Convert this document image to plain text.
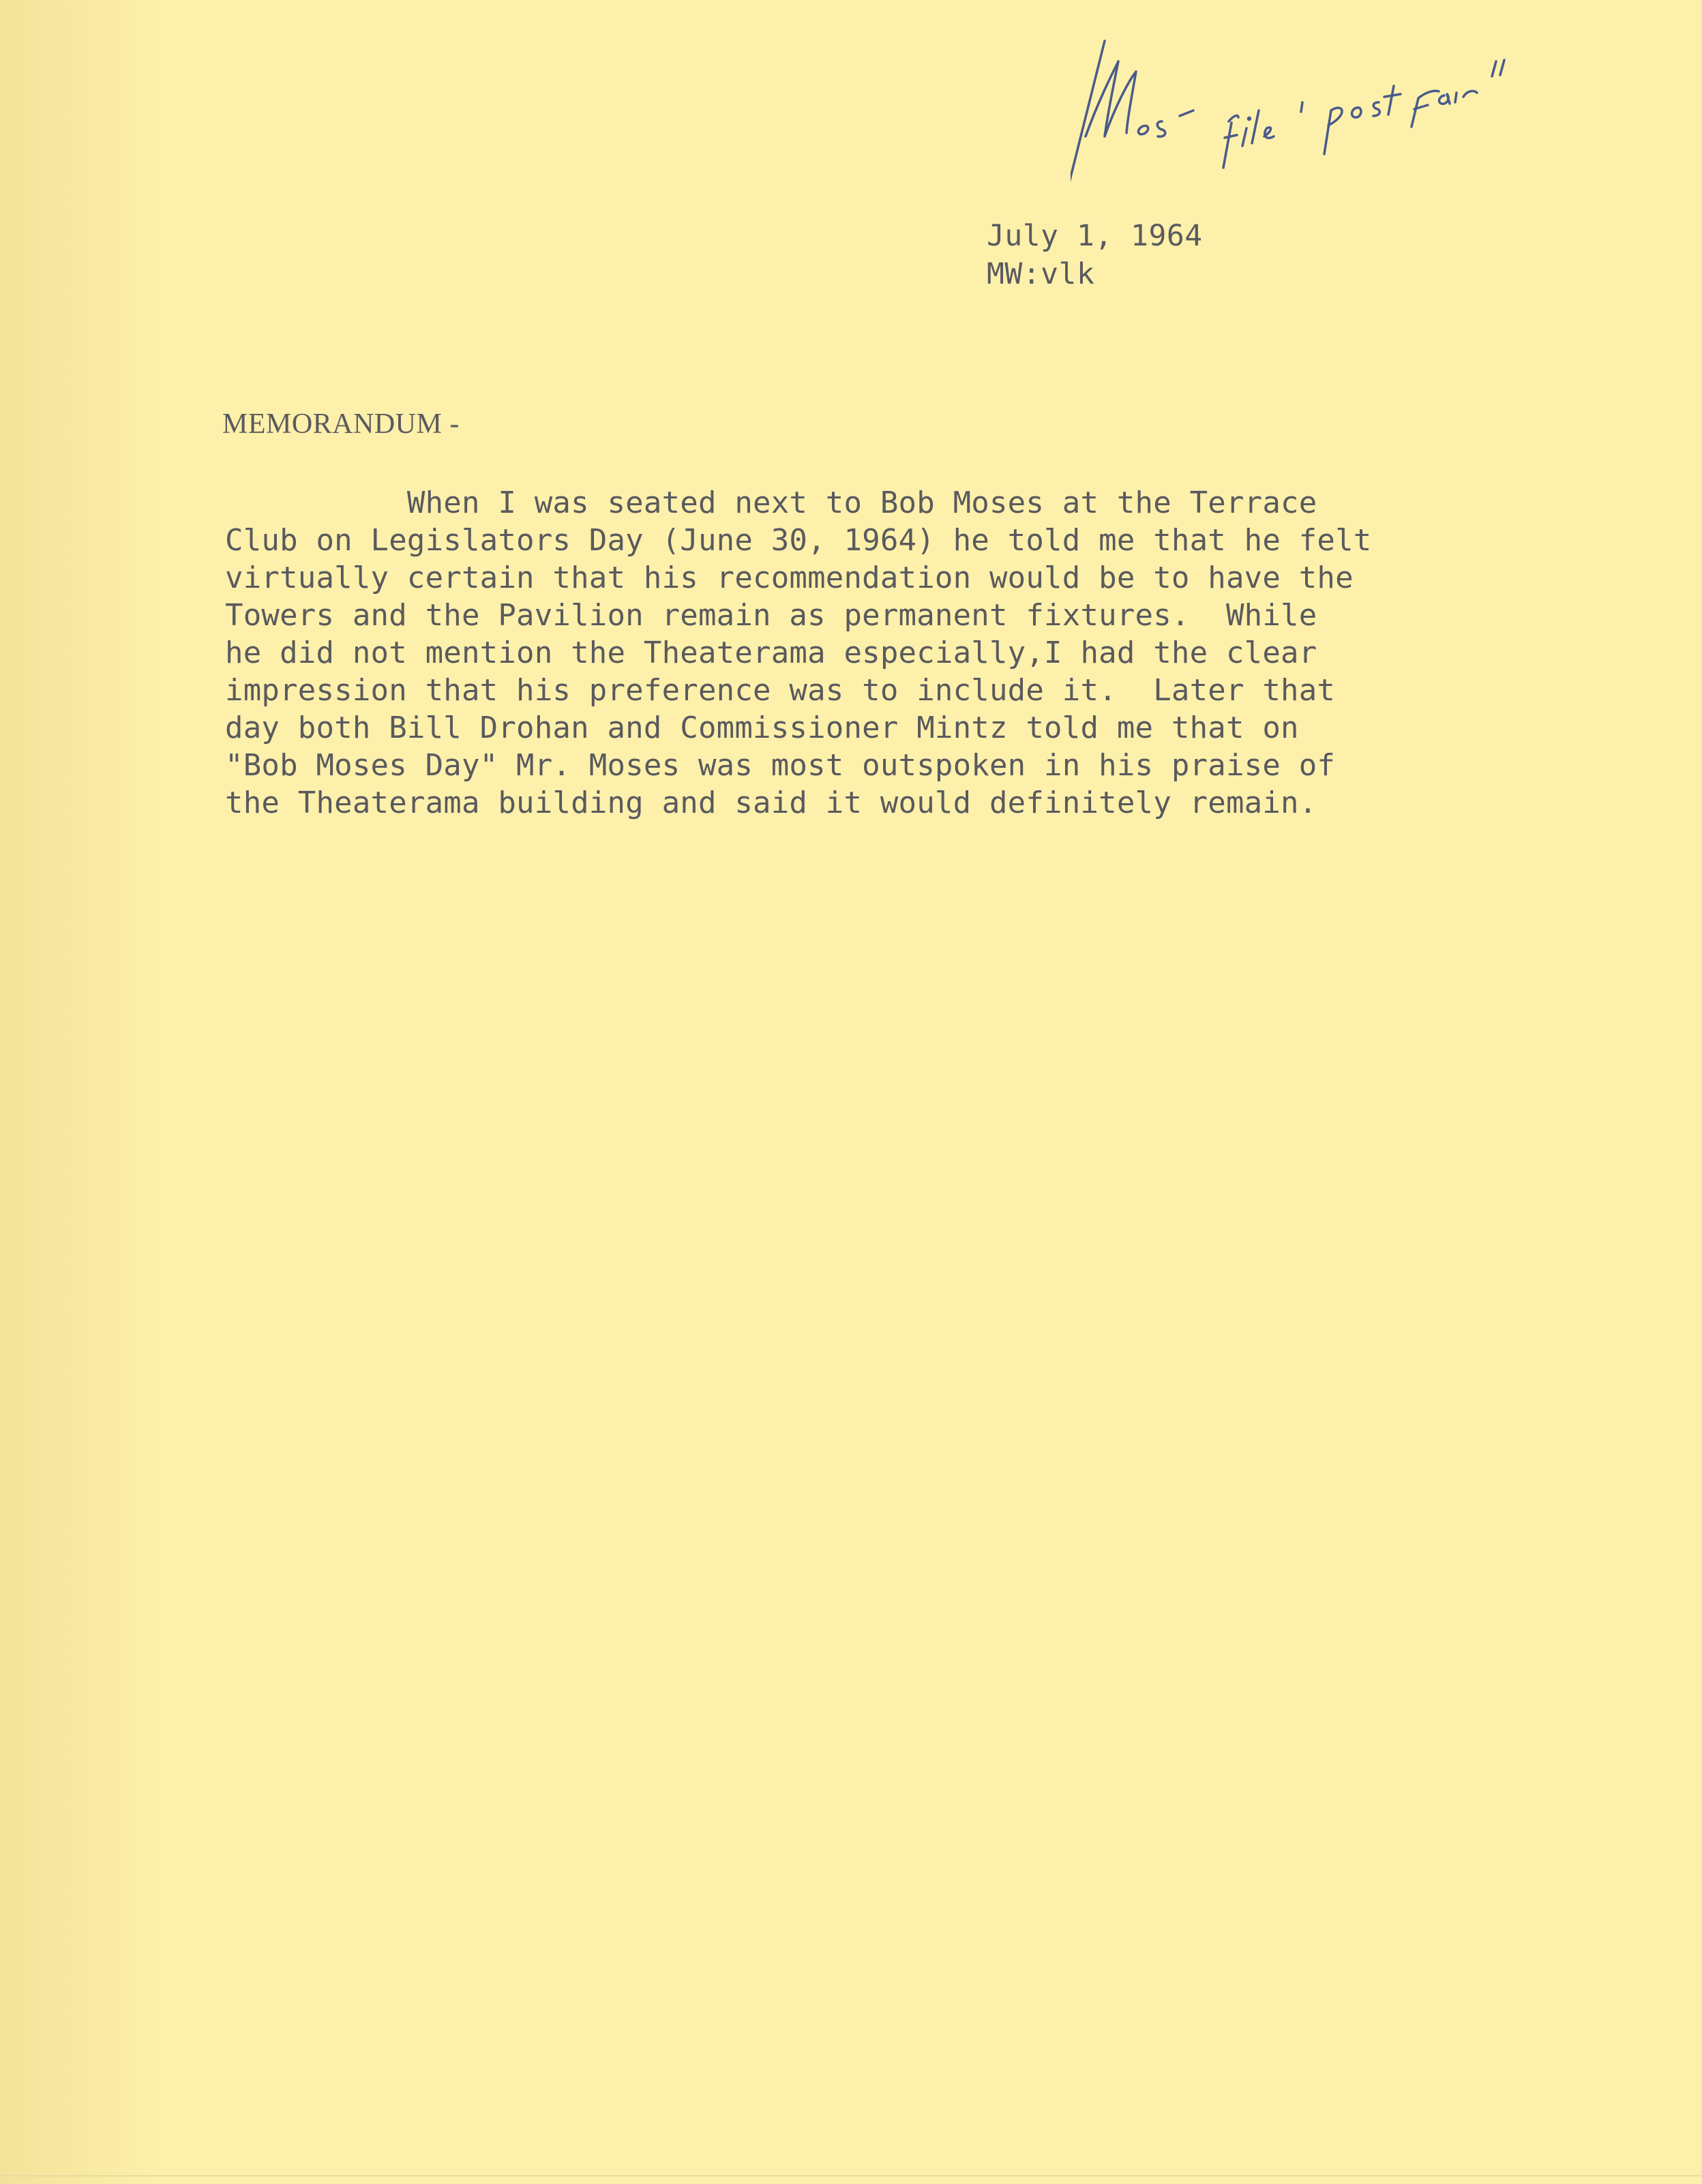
Moses - file 'Post Fair'
July 1, 1964
MW:vlk
MEMORANDUM -
When I was seated next to Bob Moses at the Terrace
Club on Legislators Day (June 30, 1964) he told me that he felt
virtually certain that his recommendation would be to have the
Towers and the Pavilion remain as permanent fixtures.  While
he did not mention the Theaterama especially,I had the clear
impression that his preference was to include it.  Later that
day both Bill Drohan and Commissioner Mintz told me that on
"Bob Moses Day" Mr. Moses was most outspoken in his praise of
the Theaterama building and said it would definitely remain.
